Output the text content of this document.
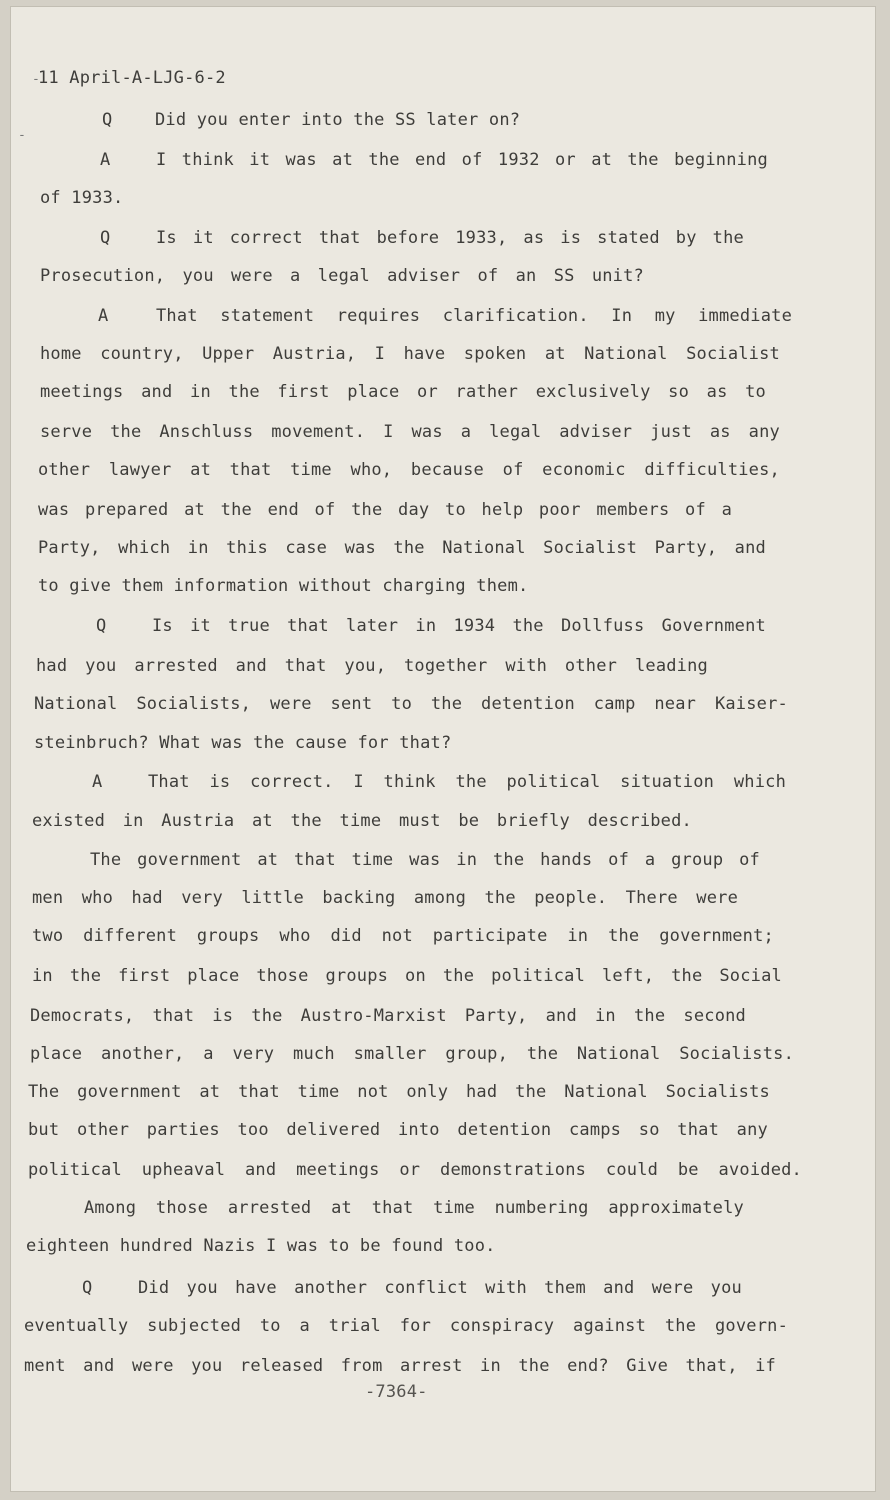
-
-
11 April-A-LJG-6-2
Q	Did you enter into the SS later on?
A	I think it was at the end of 1932 or at the beginning
of 1933.
Q	Is it correct that before 1933, as is stated by the
Prosecution, you were a legal adviser of an SS unit?
A	That statement requires clarification. In my immediate
home country, Upper Austria, I have spoken at National Socialist
meetings and in the first place or rather exclusively so as to
serve the Anschluss movement. I was a legal adviser just as any
other lawyer at that time who, because of economic difficulties,
was prepared at the end of the day to help poor members of a
Party, which in this case was the National Socialist Party, and
to give them information without charging them.
Q	Is it true that later in 1934 the Dollfuss Government
had you arrested and that you, together with other leading
National Socialists, were sent to the detention camp near Kaiser-
steinbruch? What was the cause for that?
A	That is correct. I think the political situation which
existed in Austria at the time must be briefly described.
The government at that time was in the hands of a group of
men who had very little backing among the people. There were
two different groups who did not participate in the government;
in the first place those groups on the political left, the Social
Democrats, that is the Austro-Marxist Party, and in the second
place another, a very much smaller group, the National Socialists.
The government at that time not only had the National Socialists
but other parties too delivered into detention camps so that any
political upheaval and meetings or demonstrations could be avoided.
Among those arrested at that time numbering approximately
eighteen hundred Nazis I was to be found too.
Q	Did you have another conflict with them and were you
eventually subjected to a trial for conspiracy against the govern-
ment and were you released from arrest in the end? Give that, if
-7364-
